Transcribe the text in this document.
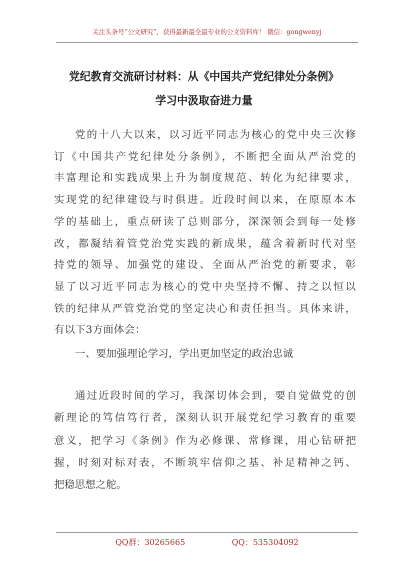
关注头条号“公文研究”，获得最新最全最专业的公文资料库！ 微信：gongwenyj
党纪教育交流研讨材料：从《中国共产党纪律处分条例》
学习中汲取奋进力量

党的十八大以来，以习近平同志为核心的党中央三次修

订《中国共产党纪律处分条例》，不断把全面从严治党的

丰富理论和实践成果上升为制度规范、转化为纪律要求，

实现党的纪律建设与时俱进。近段时间以来，在原原本本

学的基础上，重点研读了总则部分，深深领会到每一处修

改，都凝结着管党治党实践的新成果，蕴含着新时代对坚

持党的领导、加强党的建设、全面从严治党的新要求，彰

显了以习近平同志为核心的党中央坚持不懈、持之以恒以

铁的纪律从严管党治党的坚定决心和责任担当。具体来讲，

有以下3方面体会：

一、要加强理论学习，学出更加坚定的政治忠诚

通过近段时间的学习，我深切体会到，要自觉做党的创

新理论的笃信笃行者，深刻认识开展党纪学习教育的重要

意义，把学习《条例》作为必修课、常修课，用心钻研把

握，时刻对标对表，不断筑牢信仰之基、补足精神之钙、

把稳思想之舵。

QQ群：30265665	QQ：535304092
